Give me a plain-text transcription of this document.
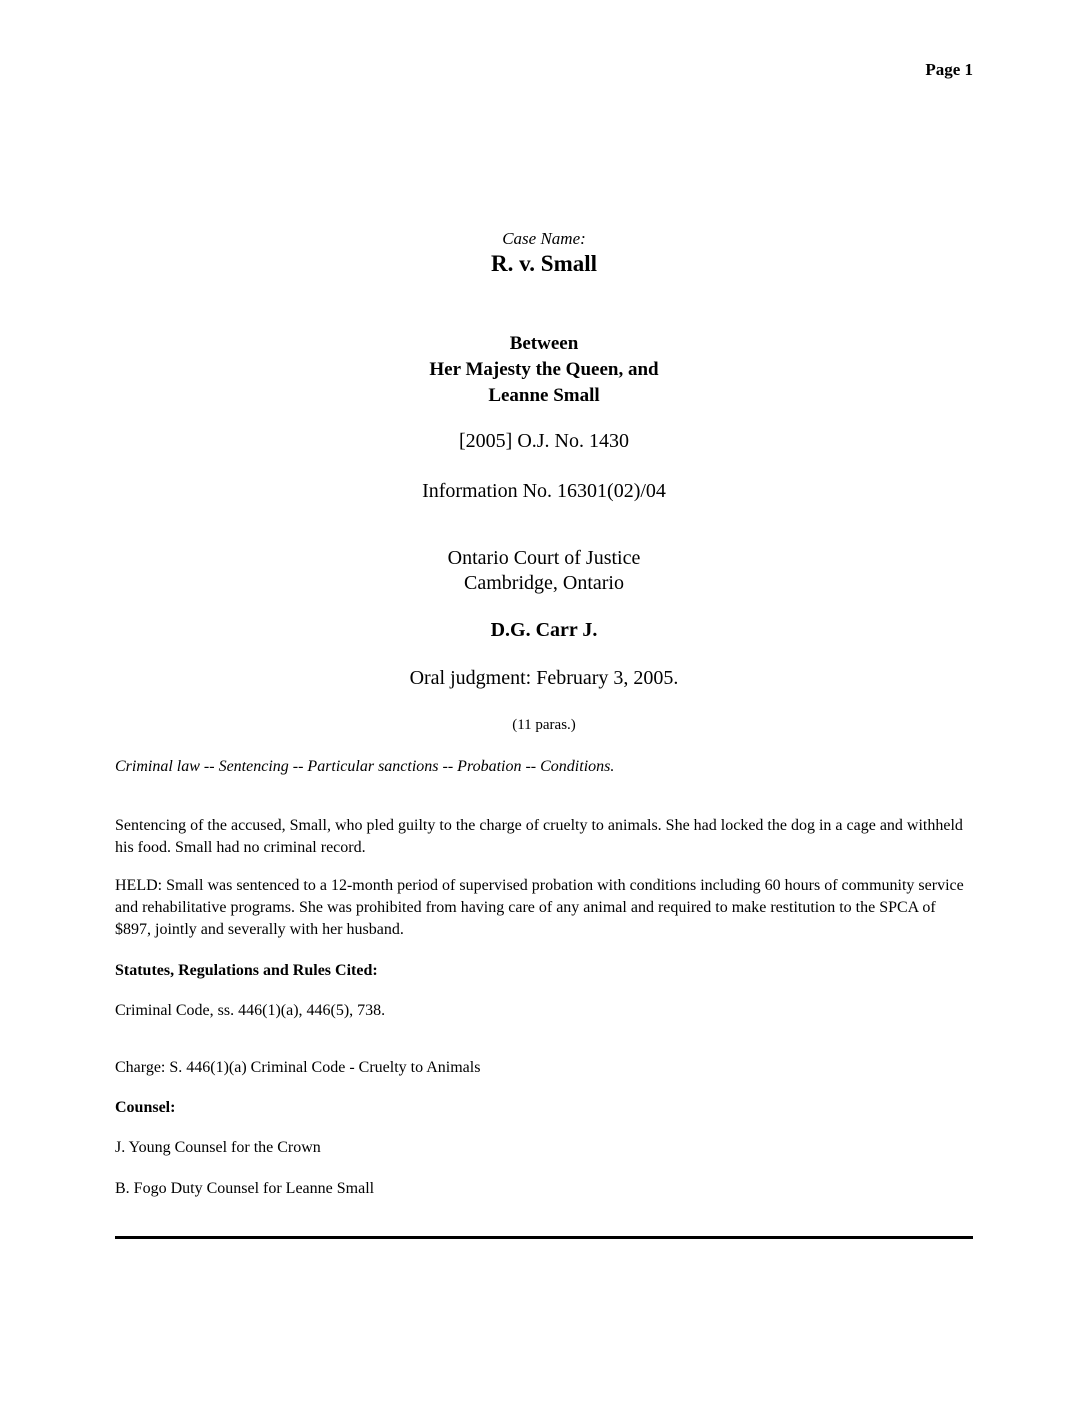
Page 1
Case Name:
R. v. Small
Between
Her Majesty the Queen, and
Leanne Small
[2005] O.J. No. 1430
Information No. 16301(02)/04
Ontario Court of Justice
Cambridge, Ontario
D.G. Carr J.
Oral judgment: February 3, 2005.
(11 paras.)
Criminal law -- Sentencing -- Particular sanctions -- Probation -- Conditions.
Sentencing of the accused, Small, who pled guilty to the charge of cruelty to animals. She had locked the dog in a cage and withheld his food. Small had no criminal record.
HELD: Small was sentenced to a 12-month period of supervised probation with conditions including 60 hours of community service and rehabilitative programs. She was prohibited from having care of any animal and required to make restitution to the SPCA of $897, jointly and severally with her husband.
Statutes, Regulations and Rules Cited:
Criminal Code, ss. 446(1)(a), 446(5), 738.
Charge: S. 446(1)(a) Criminal Code - Cruelty to Animals
Counsel:
J. Young Counsel for the Crown
B. Fogo Duty Counsel for Leanne Small
